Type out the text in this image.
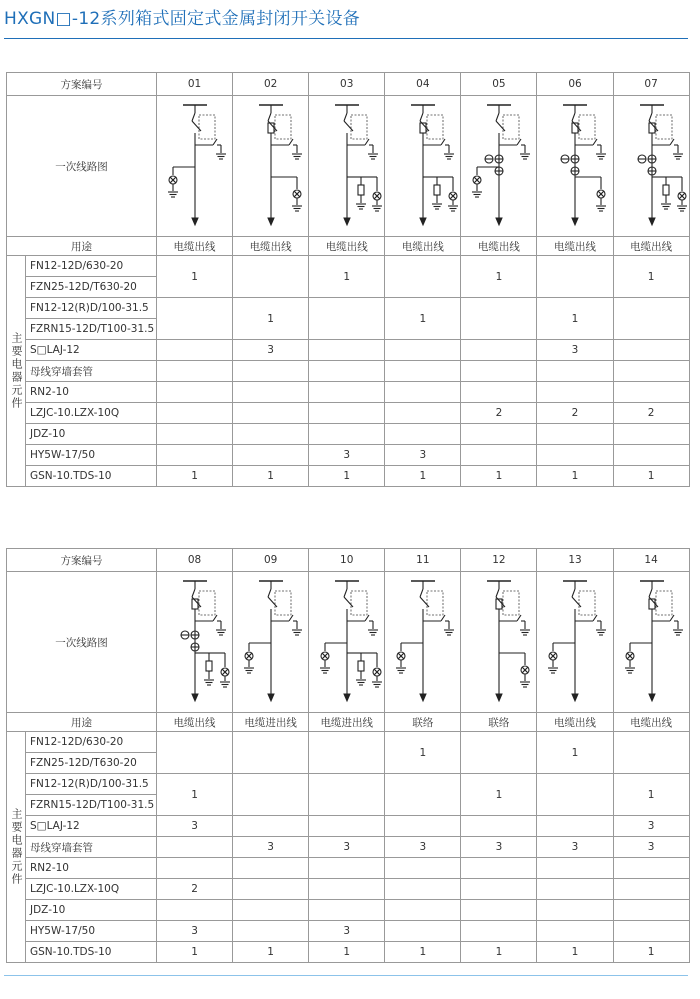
HXGN□-12系列箱式固定式金属封闭开关设备
方案编号		01	02	03	04	05	06	07
一次线路图	

用途		电缆出线	电缆出线	电缆出线	电缆出线	电缆出线	电缆出线	电缆出线
主要电器元件	FN12-12D/630-20	1		1		1		1
	FZN25-12D/T630-20							
	FN12-12(R)D/100-31.5		1		1		1	
	FZRN15-12D/T100-31.5							
	S□LAJ-12		3				3	
	母线穿墙套管							
	RN2-10							
	LZJC-10.LZX-10Q					2	2	2
	JDZ-10							
	HY5W-17/50			3	3			
	GSN-10.TDS-10	1	1	1	1	1	1	1
方案编号		08	09	10	11	12	13	14
一次线路图	

用途		电缆出线	电缆进出线	电缆进出线	联络	联络	电缆出线	电缆出线
主要电器元件	FN12-12D/630-20				1		1	
	FZN25-12D/T630-20							
	FN12-12(R)D/100-31.5	1				1		1
	FZRN15-12D/T100-31.5							
	S□LAJ-12	3						3
	母线穿墙套管		3	3	3	3	3	3
	RN2-10							
	LZJC-10.LZX-10Q	2						
	JDZ-10							
	HY5W-17/50	3		3				
	GSN-10.TDS-10	1	1	1	1	1	1	1
